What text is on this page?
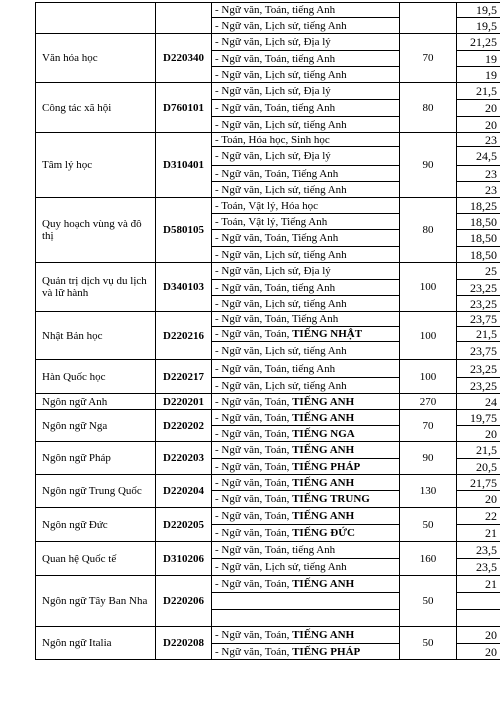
		- Ngữ văn, Toán, tiếng Anh		19,5
		- Ngữ văn, Lịch sử, tiếng Anh		19,5
Văn hóa học	D220340	- Ngữ văn, Lịch sử, Địa lý	70	21,25
		- Ngữ văn, Toán, tiếng Anh		19
		- Ngữ văn, Lịch sử, tiếng Anh		19
Công tác xã hội	D760101	- Ngữ văn, Lịch sử, Địa lý	80	21,5
		- Ngữ văn, Toán, tiếng Anh		20
		- Ngữ văn, Lịch sử, tiếng Anh		20
Tâm lý học	D310401	- Toán, Hóa học, Sinh học	90	23
		- Ngữ văn, Lịch sử, Địa lý		24,5
		- Ngữ văn, Toán, Tiếng Anh		23
		- Ngữ văn, Lịch sử, tiếng Anh		23
Quy hoạch vùng và đô thị	D580105	- Toán, Vật lý, Hóa học	80	18,25
		- Toán, Vật lý, Tiếng Anh		18,50
		- Ngữ văn, Toán, Tiếng Anh		18,50
		- Ngữ văn, Lịch sử, tiếng Anh		18,50
Quản trị dịch vụ du lịch và lữ hành	D340103	- Ngữ văn, Lịch sử, Địa lý	100	25
		- Ngữ văn, Toán, tiếng Anh		23,25
		- Ngữ văn, Lịch sử, tiếng Anh		23,25
Nhật Bản học	D220216	- Ngữ văn, Toán, Tiếng Anh	100	23,75
		- Ngữ văn, Toán, TIẾNG NHẬT		21,5
		- Ngữ văn, Lịch sử, tiếng Anh		23,75
Hàn Quốc học	D220217	- Ngữ văn, Toán, tiếng Anh	100	23,25
		- Ngữ văn, Lịch sử, tiếng Anh		23,25
Ngôn ngữ Anh	D220201	- Ngữ văn, Toán, TIẾNG ANH	270	24
Ngôn ngữ Nga	D220202	- Ngữ văn, Toán, TIẾNG ANH	70	19,75
		- Ngữ văn, Toán, TIẾNG NGA		20
Ngôn ngữ Pháp	D220203	- Ngữ văn, Toán, TIẾNG ANH	90	21,5
		- Ngữ văn, Toán, TIẾNG PHÁP		20,5
Ngôn ngữ Trung Quốc	D220204	- Ngữ văn, Toán, TIẾNG ANH	130	21,75
		- Ngữ văn, Toán, TIẾNG TRUNG		20
Ngôn ngữ Đức	D220205	- Ngữ văn, Toán, TIẾNG ANH	50	22
		- Ngữ văn, Toán, TIẾNG ĐỨC		21
Quan hệ Quốc tế	D310206	- Ngữ văn, Toán, tiếng Anh	160	23,5
		- Ngữ văn, Lịch sử, tiếng Anh		23,5
Ngôn ngữ Tây Ban Nha	D220206	- Ngữ văn, Toán, TIẾNG ANH	50	21

Ngôn ngữ Italia	D220208	- Ngữ văn, Toán, TIẾNG ANH	50	20
		- Ngữ văn, Toán, TIẾNG PHÁP		20
